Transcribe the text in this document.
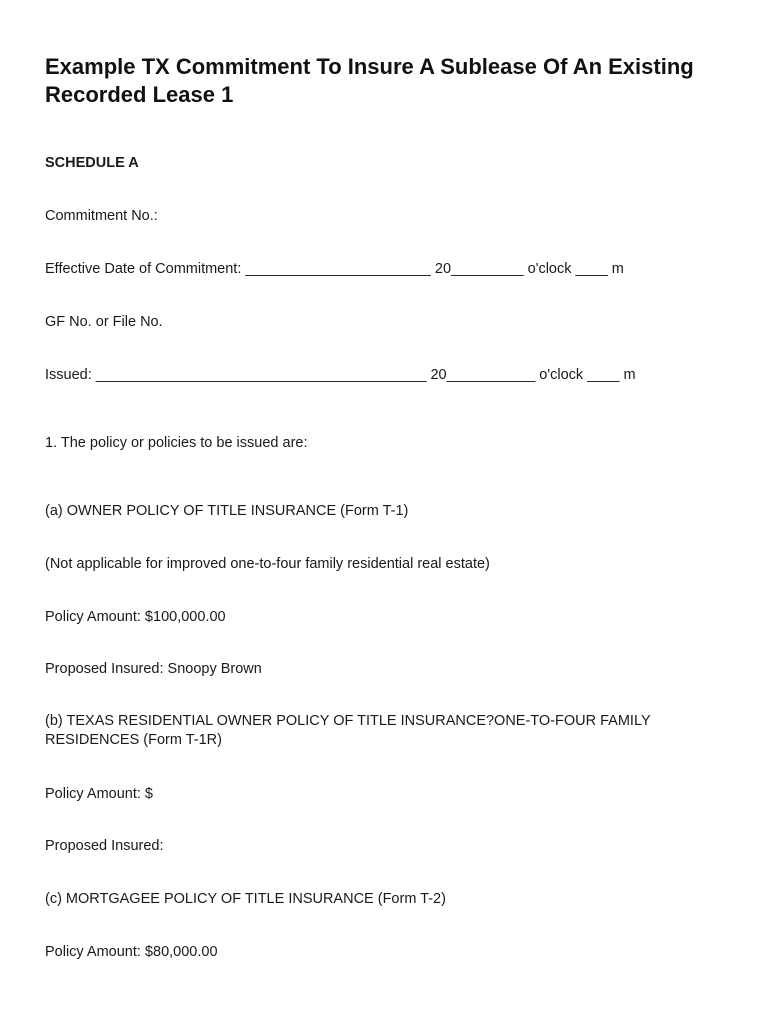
Example TX Commitment To Insure A Sublease Of An Existing Recorded Lease 1
SCHEDULE A
Commitment No.:
Effective Date of Commitment: _______________________ 20_________ o'clock ____ m
GF No. or File No.
Issued: _________________________________________ 20___________ o'clock ____ m
1. The policy or policies to be issued are:
(a) OWNER POLICY OF TITLE INSURANCE (Form T-1)
(Not applicable for improved one-to-four family residential real estate)
Policy Amount: $100,000.00
Proposed Insured: Snoopy Brown
(b) TEXAS RESIDENTIAL OWNER POLICY OF TITLE INSURANCE?ONE-TO-FOUR FAMILY RESIDENCES (Form T-1R)
Policy Amount: $
Proposed Insured:
(c) MORTGAGEE POLICY OF TITLE INSURANCE (Form T-2)
Policy Amount: $80,000.00
